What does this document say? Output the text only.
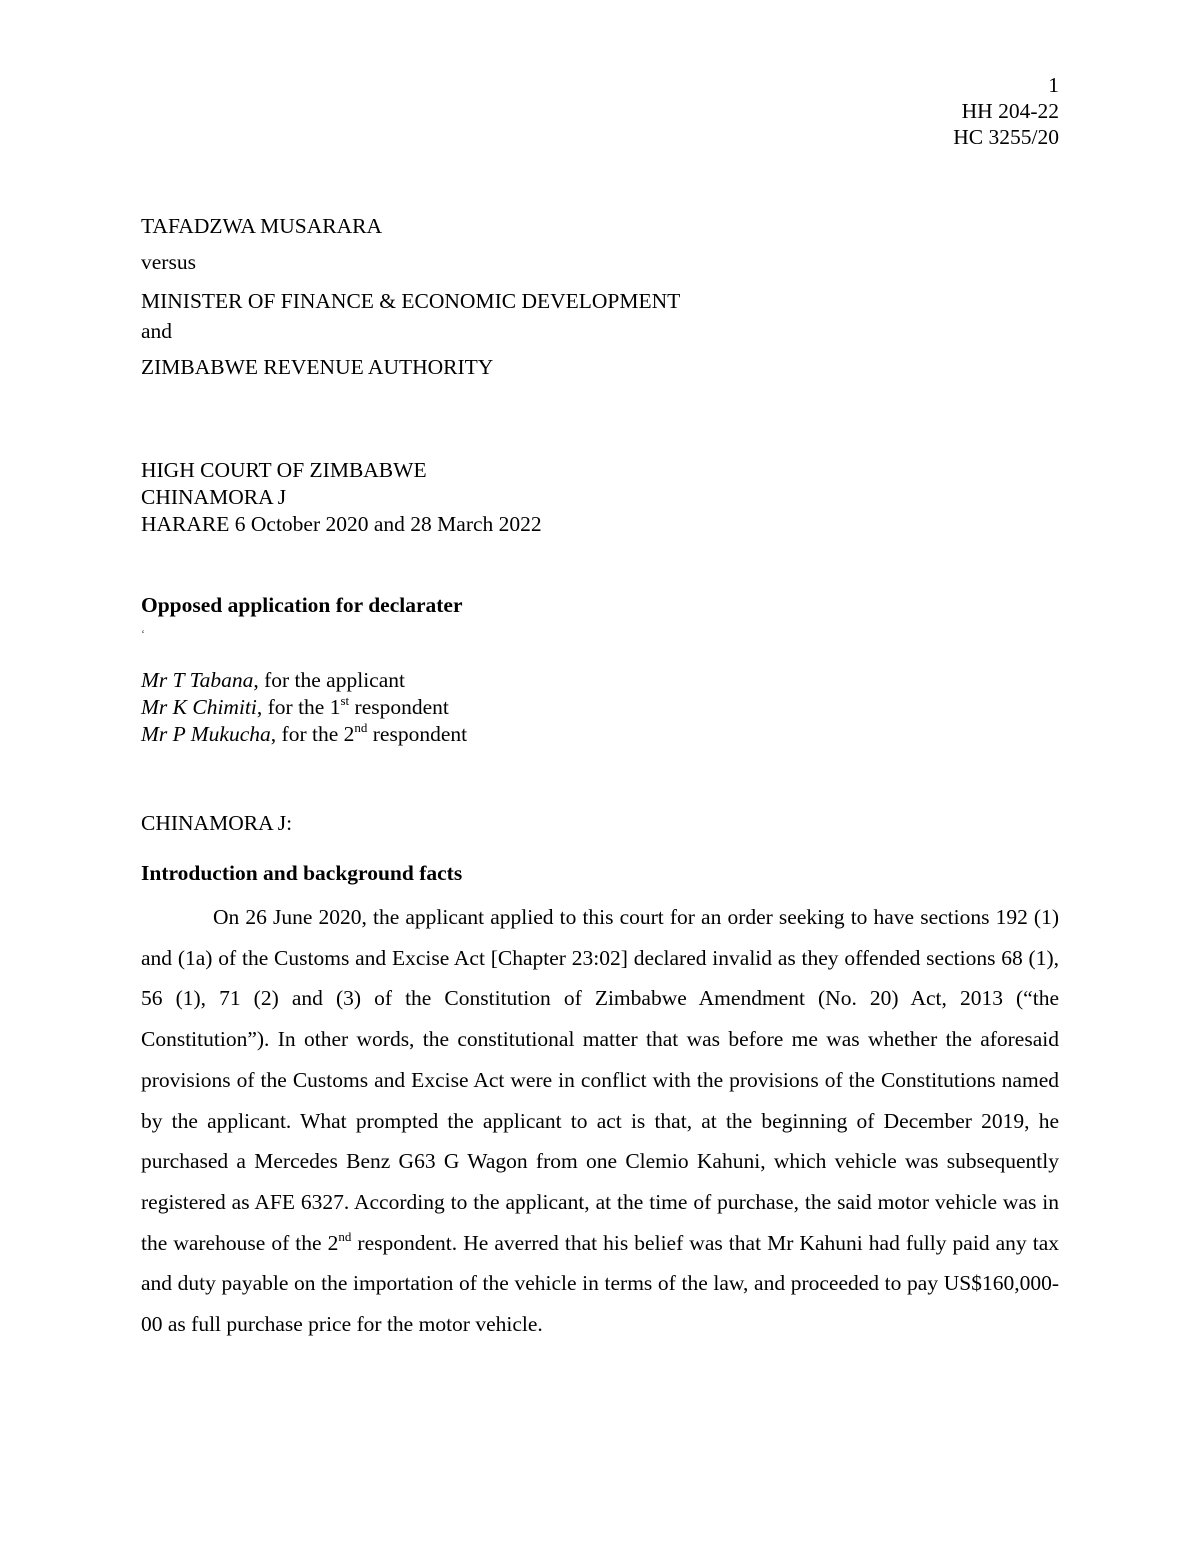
1
HH 204-22
HC 3255/20
TAFADZWA MUSARARA
versus
MINISTER OF FINANCE & ECONOMIC DEVELOPMENT
and
ZIMBABWE REVENUE AUTHORITY
HIGH COURT OF ZIMBABWE
CHINAMORA J
HARARE 6 October 2020 and 28 March 2022
Opposed application for declarater
‘
Mr T Tabana, for the applicant
Mr K Chimiti, for the 1st respondent
Mr P Mukucha, for the 2nd respondent
CHINAMORA J:
Introduction and background facts

On 26 June 2020, the applicant applied to this court for an order seeking to have sections 192 (1) and (1a) of the Customs and Excise Act [Chapter 23:02] declared invalid as they offended sections 68 (1), 56 (1), 71 (2) and (3) of the Constitution of Zimbabwe Amendment (No. 20) Act, 2013 (“the Constitution”). In other words, the constitutional matter that was before me was whether the aforesaid provisions of the Customs and Excise Act were in conflict with the provisions of the Constitutions named by the applicant. What prompted the applicant to act is that, at the beginning of December 2019, he purchased a Mercedes Benz G63 G Wagon from one Clemio Kahuni, which vehicle was subsequently registered as AFE 6327. According to the applicant, at the time of purchase, the said motor vehicle was in the warehouse of the 2nd respondent. He averred that his belief was that Mr Kahuni had fully paid any tax and duty payable on the importation of the vehicle in terms of the law, and proceeded to pay US$160,000-00 as full purchase price for the motor vehicle.
